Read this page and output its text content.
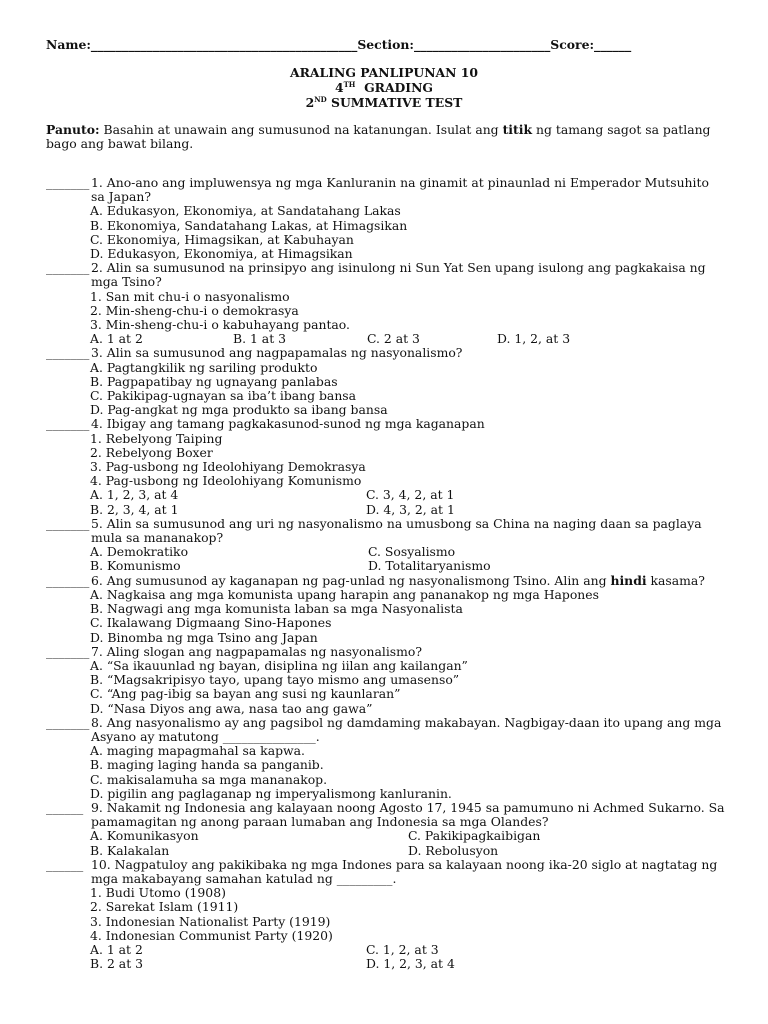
Name:___________________________________________Section:______________________Score:______
ARALING PANLIPUNAN 10
4TH GRADING
2ND SUMMATIVE TEST
Panuto: Basahin at unawain ang sumusunod na katanungan. Isulat ang titik ng tamang sagot sa patlang bago ang bawat bilang.
_______ 1. Ano-ano ang impluwensya ng mga Kanluranin na ginamit at pinaunlad ni Emperador Mutsuhito sa Japan?
A. Edukasyon, Ekonomiya, at Sandatahang Lakas
B. Ekonomiya, Sandatahang Lakas, at Himagsikan
C. Ekonomiya, Himagsikan, at Kabuhayan
D. Edukasyon, Ekonomiya, at Himagsikan
_______ 2. Alin sa sumusunod na prinsipyo ang isinulong ni Sun Yat Sen upang isulong ang pagkakaisa ng mga Tsino?
1. San mit chu-i o nasyonalismo
2. Min-sheng-chu-i o demokrasya
3. Min-sheng-chu-i o kabuhayang pantao.
A. 1 at 2	B. 1 at 3	C. 2 at 3	D. 1, 2, at 3
_______ 3. Alin sa sumusunod ang nagpapamalas ng nasyonalismo?
A. Pagtangkilik ng sariling produkto
B. Pagpapatibay ng ugnayang panlabas
C. Pakikipag-ugnayan sa iba’t ibang bansa
D. Pag-angkat ng mga produkto sa ibang bansa
_______ 4. Ibigay ang tamang pagkakasunod-sunod ng mga kaganapan
1. Rebelyong Taiping
2. Rebelyong Boxer
3. Pag-usbong ng Ideolohiyang Demokrasya
4. Pag-usbong ng Ideolohiyang Komunismo
A. 1, 2, 3, at 4	C. 3, 4, 2, at 1
B. 2, 3, 4, at 1	D. 4, 3, 2, at 1
_______ 5. Alin sa sumusunod ang uri ng nasyonalismo na umusbong sa China na naging daan sa paglaya mula sa mananakop?
A. Demokratiko	C. Sosyalismo
B. Komunismo	D. Totalitaryanismo
_______ 6. Ang sumusunod ay kaganapan ng pag-unlad ng nasyonalismong Tsino. Alin ang hindi kasama?
A. Nagkaisa ang mga komunista upang harapin ang pananakop ng mga Hapones
B. Nagwagi ang mga komunista laban sa mga Nasyonalista
C. Ikalawang Digmaang Sino-Hapones
D. Binomba ng mga Tsino ang Japan
_______ 7. Aling slogan ang nagpapamalas ng nasyonalismo?
A. “Sa ikauunlad ng bayan, disiplina ng iilan ang kailangan”
B. “Magsakripisyo tayo, upang tayo mismo ang umasenso”
C. “Ang pag-ibig sa bayan ang susi ng kaunlaran”
D. “Nasa Diyos ang awa, nasa tao ang gawa”
_______ 8. Ang nasyonalismo ay ang pagsibol ng damdaming makabayan. Nagbigay-daan ito upang ang mga Asyano ay matutong _______________.
A. maging mapagmahal sa kapwa.
B. maging laging handa sa panganib.
C. makisalamuha sa mga mananakop.
D. pigilin ang paglaganap ng imperyalismong kanluranin.
______ 9. Nakamit ng Indonesia ang kalayaan noong Agosto 17, 1945 sa pamumuno ni Achmed Sukarno. Sa pamamagitan ng anong paraan lumaban ang Indonesia sa mga Olandes?
A. Komunikasyon	C. Pakikipagkaibigan
B. Kalakalan	D. Rebolusyon
______ 10. Nagpatuloy ang pakikibaka ng mga Indones para sa kalayaan noong ika-20 siglo at nagtatag ng mga makabayang samahan katulad ng _________.
1. Budi Utomo (1908)
2. Sarekat Islam (1911)
3. Indonesian Nationalist Party (1919)
4. Indonesian Communist Party (1920)
A. 1 at 2	C. 1, 2, at 3
B. 2 at 3	D. 1, 2, 3, at 4
